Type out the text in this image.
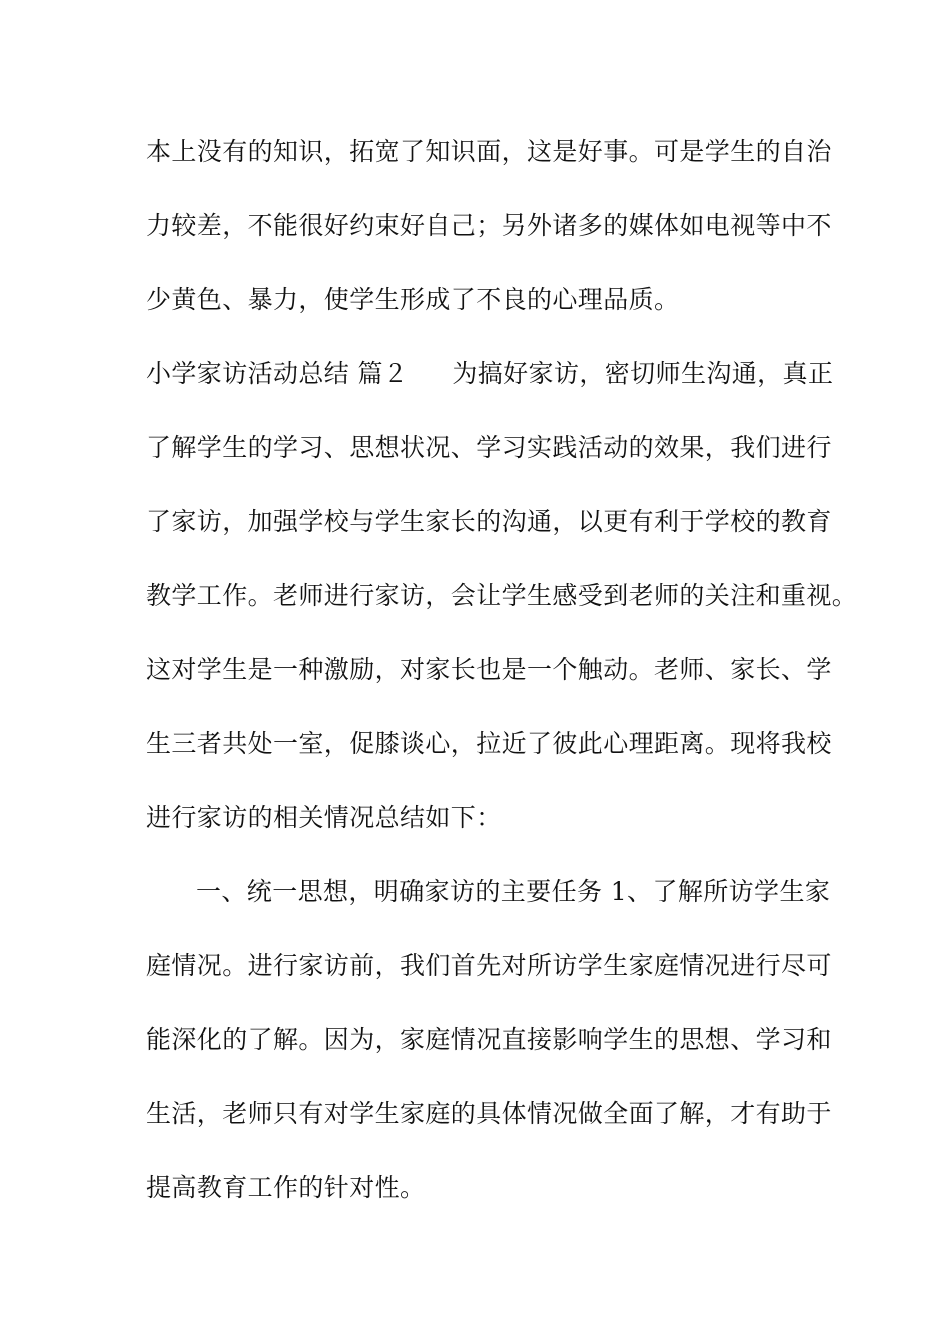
本上没有的知识，拓宽了知识面，这是好事。可是学生的自治
力较差，不能很好约束好自己；另外诸多的媒体如电视等中不
少黄色、暴力，使学生形成了不良的心理品质。
小学家访活动总结 篇２ 为搞好家访，密切师生沟通，真正
了解学生的学习、思想状况、学习实践活动的效果，我们进行
了家访，加强学校与学生家长的沟通，以更有利于学校的教育
教学工作。老师进行家访，会让学生感受到老师的关注和重视。
这对学生是一种激励，对家长也是一个触动。老师、家长、学
生三者共处一室，促膝谈心，拉近了彼此心理距离。现将我校
进行家访的相关情况总结如下：
一、统一思想，明确家访的主要任务 1、了解所访学生家
庭情况。进行家访前，我们首先对所访学生家庭情况进行尽可
能深化的了解。因为，家庭情况直接影响学生的思想、学习和
生活，老师只有对学生家庭的具体情况做全面了解，才有助于
提高教育工作的针对性。
